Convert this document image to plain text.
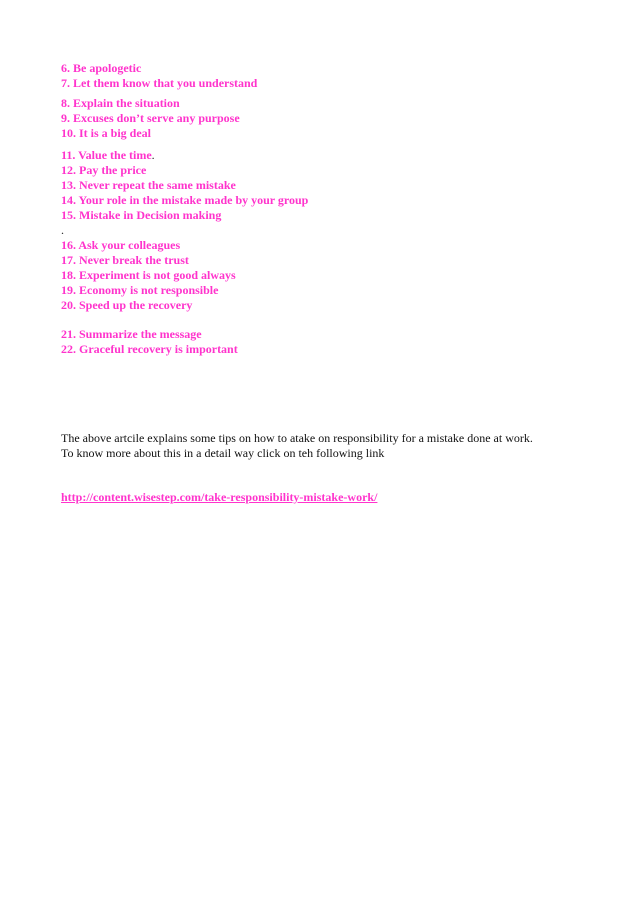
6. Be apologetic
7. Let them know that you understand
8. Explain the situation
9. Excuses don’t serve any purpose
10. It is a big deal
11. Value the time.
12. Pay the price
13. Never repeat the same mistake
14. Your role in the mistake made by your group
15. Mistake in Decision making
.
16. Ask your colleagues
17. Never break the trust
18. Experiment is not good always
19. Economy is not responsible
20. Speed up the recovery
21. Summarize the message
22. Graceful recovery is important
The above artcile explains some tips on how to atake on responsibility for a mistake done at work.
To know more about this in a detail way click on teh following link
http://content.wisestep.com/take-responsibility-mistake-work/
